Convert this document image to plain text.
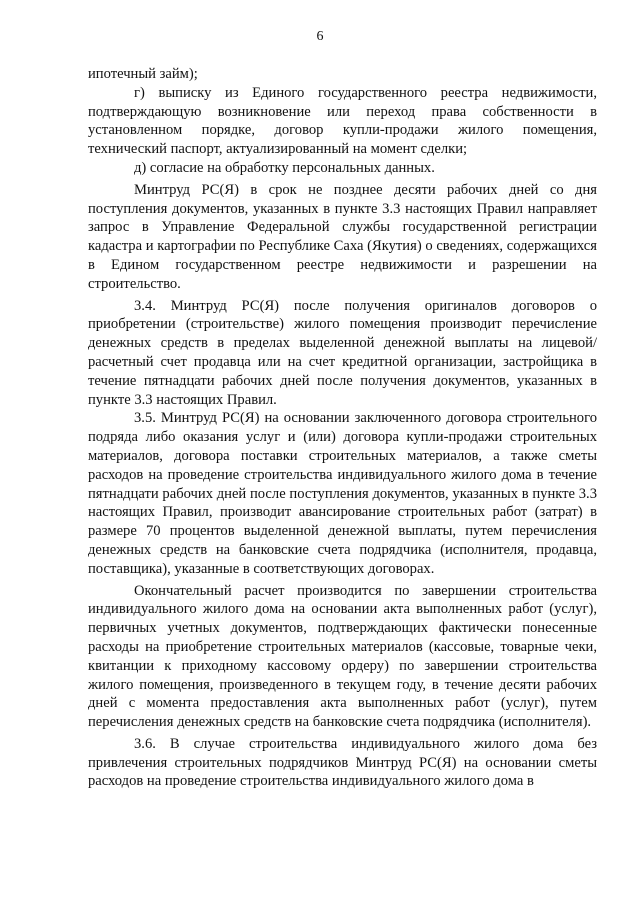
6

ипотечный займ);

г) выписку из Единого государственного реестра недвижимости, подтверждающую возникновение или переход права собственности в установленном порядке, договор купли-продажи жилого помещения, технический паспорт, актуализированный на момент сделки;

д) согласие на обработку персональных данных.

Минтруд РС(Я) в срок не позднее десяти рабочих дней со дня поступления документов, указанных в пункте 3.3 настоящих Правил направляет запрос в Управление Федеральной службы государственной регистрации кадастра и картографии по Республике Саха (Якутия) о сведениях, содержащихся в Едином государственном реестре недвижимости и разрешении на строительство.

3.4. Минтруд РС(Я) после получения оригиналов договоров о приобретении (строительстве) жилого помещения производит перечисление денежных средств в пределах выделенной денежной выплаты на лицевой/расчетный счет продавца или на счет кредитной организации, застройщика в течение пятнадцати рабочих дней после получения документов, указанных в пункте 3.3 настоящих Правил.

3.5. Минтруд РС(Я) на основании заключенного договора строительного подряда либо оказания услуг и (или) договора купли-продажи строительных материалов, договора поставки строительных материалов, а также сметы расходов на проведение строительства индивидуального жилого дома в течение пятнадцати рабочих дней после поступления документов, указанных в пункте 3.3 настоящих Правил, производит авансирование строительных работ (затрат) в размере 70 процентов выделенной денежной выплаты, путем перечисления денежных средств на банковские счета подрядчика (исполнителя, продавца, поставщика), указанные в соответствующих договорах.

Окончательный расчет производится по завершении строительства индивидуального жилого дома на основании акта выполненных работ (услуг), первичных учетных документов, подтверждающих фактически понесенные расходы на приобретение строительных материалов (кассовые, товарные чеки, квитанции к приходному кассовому ордеру) по завершении строительства жилого помещения, произведенного в текущем году, в течение десяти рабочих дней с момента предоставления акта выполненных работ (услуг), путем перечисления денежных средств на банковские счета подрядчика (исполнителя).

3.6. В случае строительства индивидуального жилого дома без привлечения строительных подрядчиков Минтруд РС(Я) на основании сметы расходов на проведение строительства индивидуального жилого дома в
